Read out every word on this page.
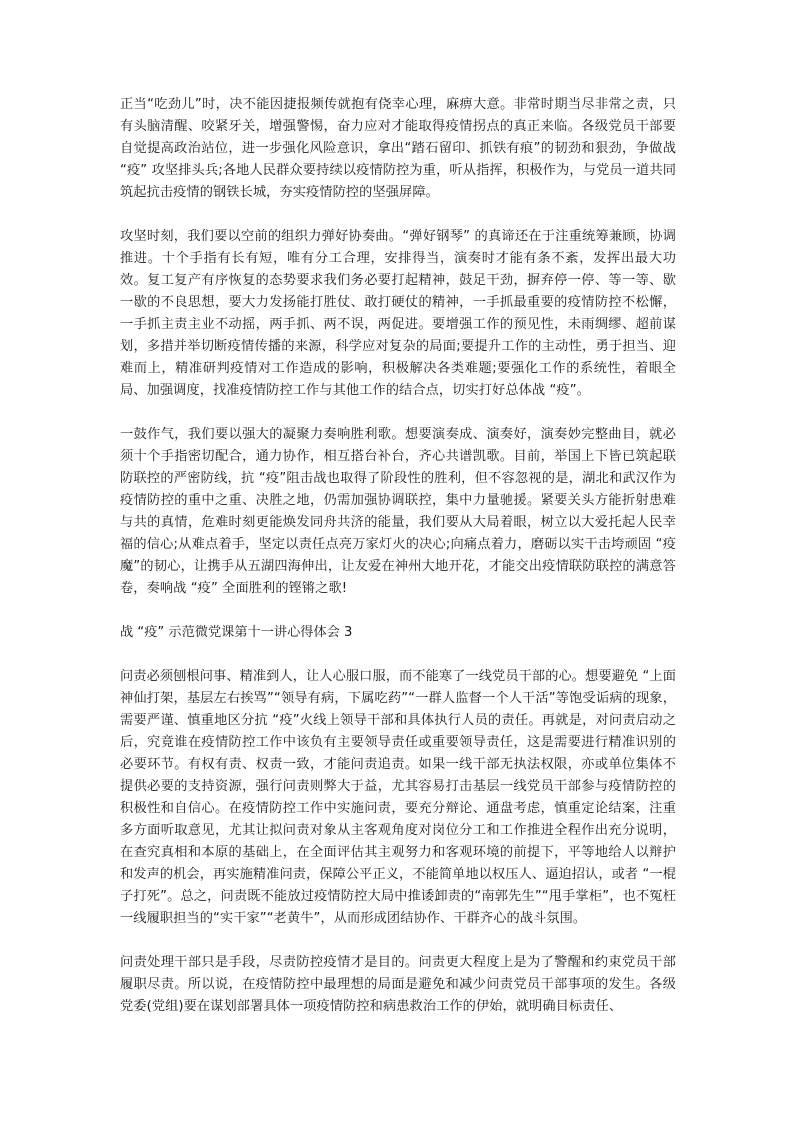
正当“吃劲儿”时，决不能因捷报频传就抱有侥幸心理，麻痹大意。非常时期当尽非常之责，只有头脑清醒、咬紧牙关，增强警惕，奋力应对才能取得疫情拐点的真正来临。各级党员干部要自觉提高政治站位，进一步强化风险意识，拿出“踏石留印、抓铁有痕”的韧劲和狠劲，争做战 “疫” 攻坚排头兵;各地人民群众要持续以疫情防控为重，听从指挥，积极作为，与党员一道共同筑起抗击疫情的钢铁长城，夯实疫情防控的坚强屏障。

攻坚时刻，我们要以空前的组织力弹好协奏曲。“弹好钢琴” 的真谛还在于注重统筹兼顾，协调推进。十个手指有长有短，唯有分工合理，安排得当，演奏时才能有条不紊，发挥出最大功效。复工复产有序恢复的态势要求我们务必要打起精神，鼓足干劲，摒弃停一停、等一等、歇一歇的不良思想，要大力发扬能打胜仗、敢打硬仗的精神，一手抓最重要的疫情防控不松懈，一手抓主责主业不动摇，两手抓、两不误，两促进。要增强工作的预见性，未雨绸缪、超前谋划，多措并举切断疫情传播的来源，科学应对复杂的局面;要提升工作的主动性，勇于担当、迎难而上，精准研判疫情对工作造成的影响，积极解决各类难题;要强化工作的系统性，着眼全局、加强调度，找准疫情防控工作与其他工作的结合点，切实打好总体战 “疫”。

一鼓作气，我们要以强大的凝聚力奏响胜利歌。想要演奏成、演奏好，演奏妙完整曲目，就必须十个手指密切配合，通力协作，相互搭台补台，齐心共谱凯歌。目前，举国上下皆已筑起联防联控的严密防线，抗 “疫”阻击战也取得了阶段性的胜利，但不容忽视的是，湖北和武汉作为疫情防控的重中之重、决胜之地，仍需加强协调联控，集中力量驰援。紧要关头方能折射患难与共的真情，危难时刻更能焕发同舟共济的能量，我们要从大局着眼，树立以大爱托起人民幸福的信心;从难点着手，坚定以责任点亮万家灯火的决心;向痛点着力，磨砺以实干击垮顽固 “疫魔”的韧心，让携手从五湖四海伸出，让友爱在神州大地开花，才能交出疫情联防联控的满意答卷，奏响战 “疫” 全面胜利的铿锵之歌!

战 “疫” 示范微党课第十一讲心得体会 3

问责必须刨根问事、精准到人，让人心服口服，而不能寒了一线党员干部的心。想要避免 “上面神仙打架，基层左右挨骂”“领导有病，下属吃药”“一群人监督一个人干活”等饱受诟病的现象，需要严谨、慎重地区分抗 “疫”火线上领导干部和具体执行人员的责任。再就是，对问责启动之后，究竟谁在疫情防控工作中该负有主要领导责任或重要领导责任，这是需要进行精准识别的必要环节。有权有责、权责一致，才能问责追责。如果一线干部无执法权限，亦或单位集体不提供必要的支持资源，强行问责则弊大于益，尤其容易打击基层一线党员干部参与疫情防控的积极性和自信心。在疫情防控工作中实施问责，要充分辩论、通盘考虑，慎重定论结案，注重多方面听取意见，尤其让拟问责对象从主客观角度对岗位分工和工作推进全程作出充分说明，在查究真相和本原的基础上，在全面评估其主观努力和客观环境的前提下，平等地给人以辩护和发声的机会，再实施精准问责，保障公平正义，不能简单地以权压人、逼迫招认，或者 “一棍子打死”。总之，问责既不能放过疫情防控大局中推诿卸责的“南郭先生”“甩手掌柜”，也不冤枉一线履职担当的“实干家”“老黄牛”，从而形成团结协作、干群齐心的战斗氛围。

问责处理干部只是手段，尽责防控疫情才是目的。问责更大程度上是为了警醒和约束党员干部履职尽责。所以说，在疫情防控中最理想的局面是避免和减少问责党员干部事项的发生。各级党委(党组)要在谋划部署具体一项疫情防控和病患救治工作的伊始，就明确目标责任、
